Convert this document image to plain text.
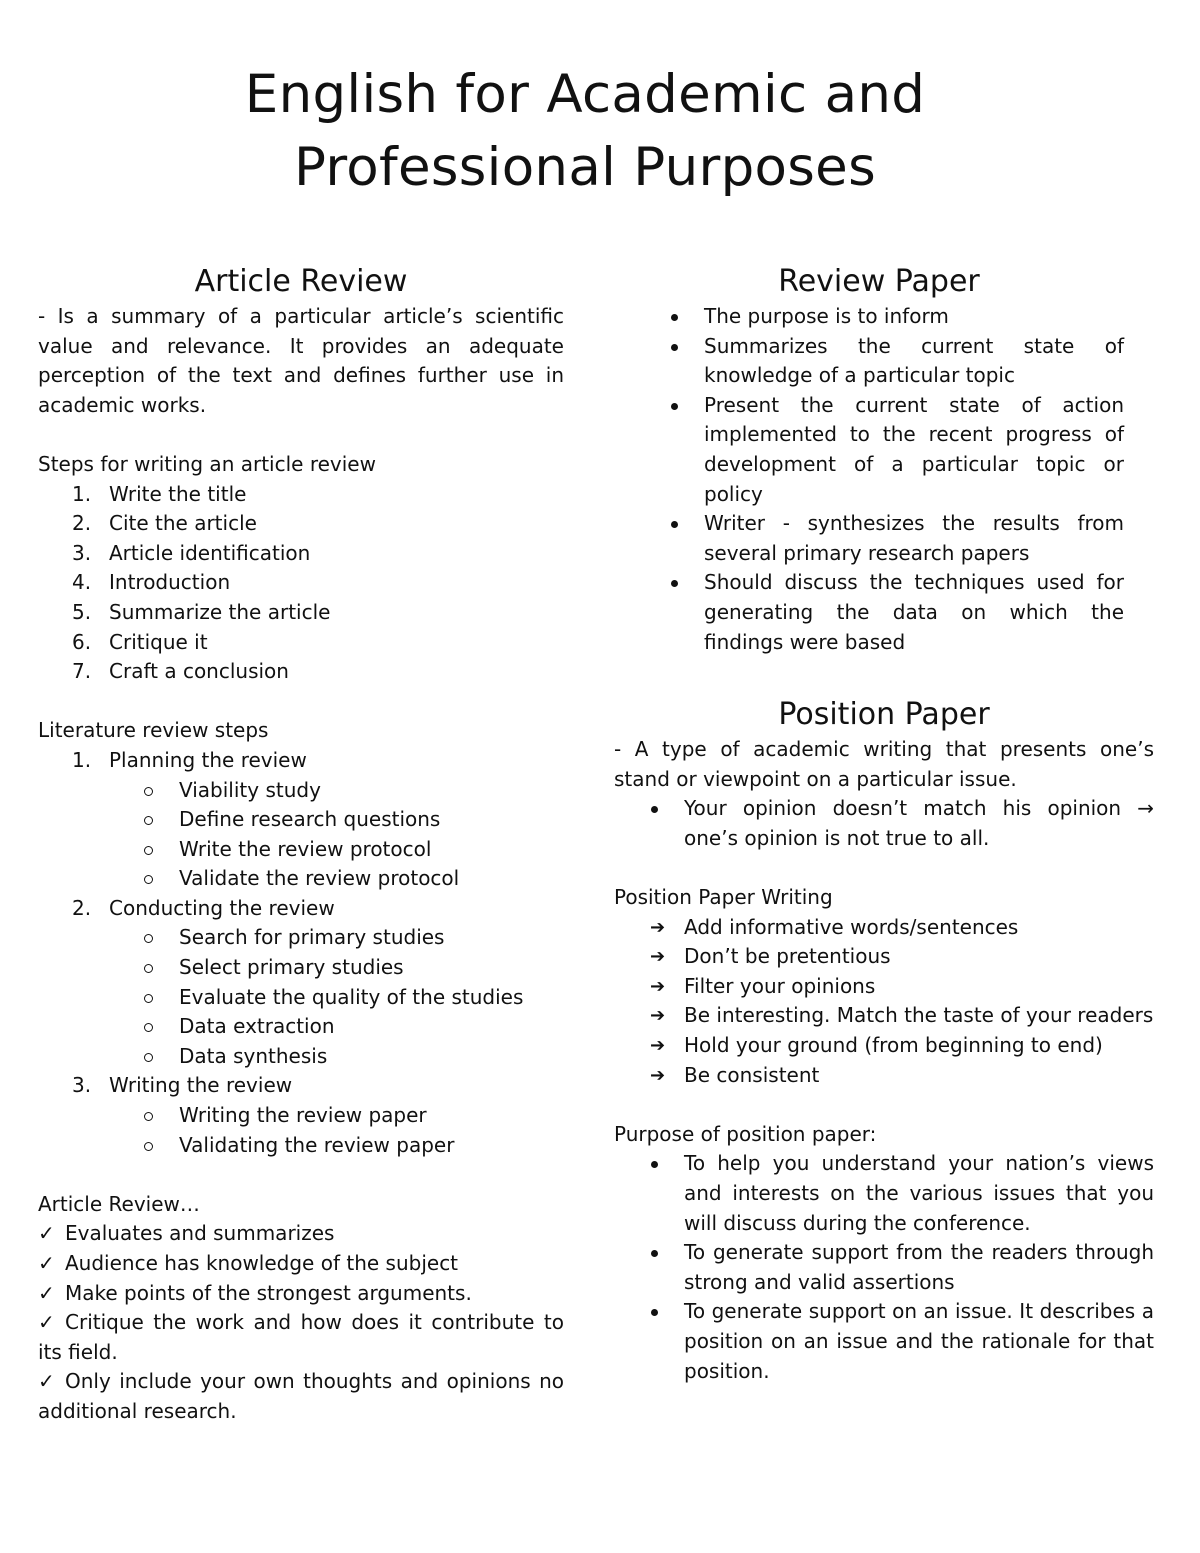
English for Academic and
Professional Purposes
Article Review

- Is a summary of a particular article’s scientific value and relevance. It provides an adequate perception of the text and defines further use in academic works.

Steps for writing an article review

1. Write the title
2. Cite the article
3. Article identification
4. Introduction
5. Summarize the article
6. Critique it
7. Craft a conclusion

Literature review steps

1. Planning the review
Viability study
Define research questions
Write the review protocol
Validate the review protocol
2. Conducting the review
Search for primary studies
Select primary studies
Evaluate the quality of the studies
Data extraction
Data synthesis
3. Writing the review
Writing the review paper
Validating the review paper

Article Review…

✓ Evaluates and summarizes

✓ Audience has knowledge of the subject

✓ Make points of the strongest arguments.

✓ Critique the work and how does it contribute to its field.

✓ Only include your own thoughts and opinions no additional research.

Review Paper
The purpose is to inform
Summarizes the current state of knowledge of a particular topic
Present the current state of action implemented to the recent progress of development of a particular topic or policy
Writer - synthesizes the results from several primary research papers
Should discuss the techniques used for generating the data on which the findings were based
Position Paper

- A type of academic writing that presents one’s stand or viewpoint on a particular issue.

Your opinion doesn’t match his opinion → one’s opinion is not true to all.

Position Paper Writing

➔ Add informative words/sentences
➔ Don’t be pretentious
➔ Filter your opinions
➔ Be interesting. Match the taste of your readers
➔ Hold your ground (from beginning to end)
➔ Be consistent

Purpose of position paper:

To help you understand your nation’s views and interests on the various issues that you will discuss during the conference.
To generate support from the readers through strong and valid assertions
To generate support on an issue. It describes a position on an issue and the rationale for that position.
